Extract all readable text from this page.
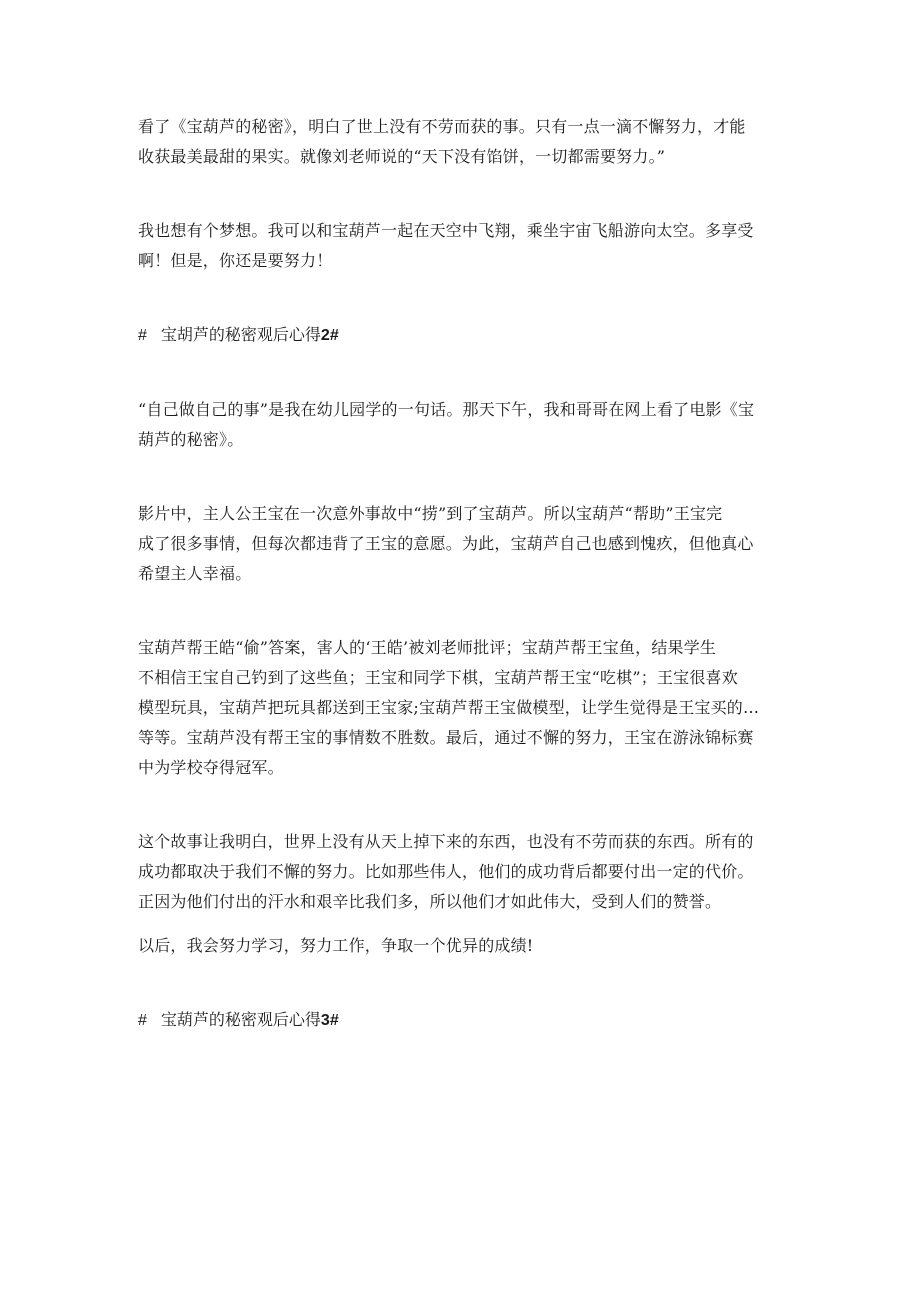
看了《宝葫芦的秘密》，明白了世上没有不劳而获的事。只有一点一滴不懈努力，才能
收获最美最甜的果实。就像刘老师说的“天下没有馅饼，一切都需要努力。”

我也想有个梦想。我可以和宝葫芦一起在天空中飞翔，乘坐宇宙飞船游向太空。多享受
啊！但是，你还是要努力！

# 宝胡芦的秘密观后心得2#

“自己做自己的事”是我在幼儿园学的一句话。那天下午，我和哥哥在网上看了电影《宝
葫芦的秘密》。

影片中，主人公王宝在一次意外事故中“捞”到了宝葫芦。所以宝葫芦“帮助”王宝完
成了很多事情，但每次都违背了王宝的意愿。为此，宝葫芦自己也感到愧疚，但他真心
希望主人幸福。

宝葫芦帮王皓“偷”答案，害人的‘王皓’被刘老师批评；宝葫芦帮王宝鱼，结果学生
不相信王宝自己钓到了这些鱼；王宝和同学下棋，宝葫芦帮王宝“吃棋”；王宝很喜欢
模型玩具，宝葫芦把玩具都送到王宝家;宝葫芦帮王宝做模型，让学生觉得是王宝买的…
等等。宝葫芦没有帮王宝的事情数不胜数。最后，通过不懈的努力，王宝在游泳锦标赛
中为学校夺得冠军。

这个故事让我明白，世界上没有从天上掉下来的东西，也没有不劳而获的东西。所有的
成功都取决于我们不懈的努力。比如那些伟人，他们的成功背后都要付出一定的代价。
正因为他们付出的汗水和艰辛比我们多，所以他们才如此伟大，受到人们的赞誉。

以后，我会努力学习，努力工作，争取一个优异的成绩!

# 宝葫芦的秘密观后心得3#
